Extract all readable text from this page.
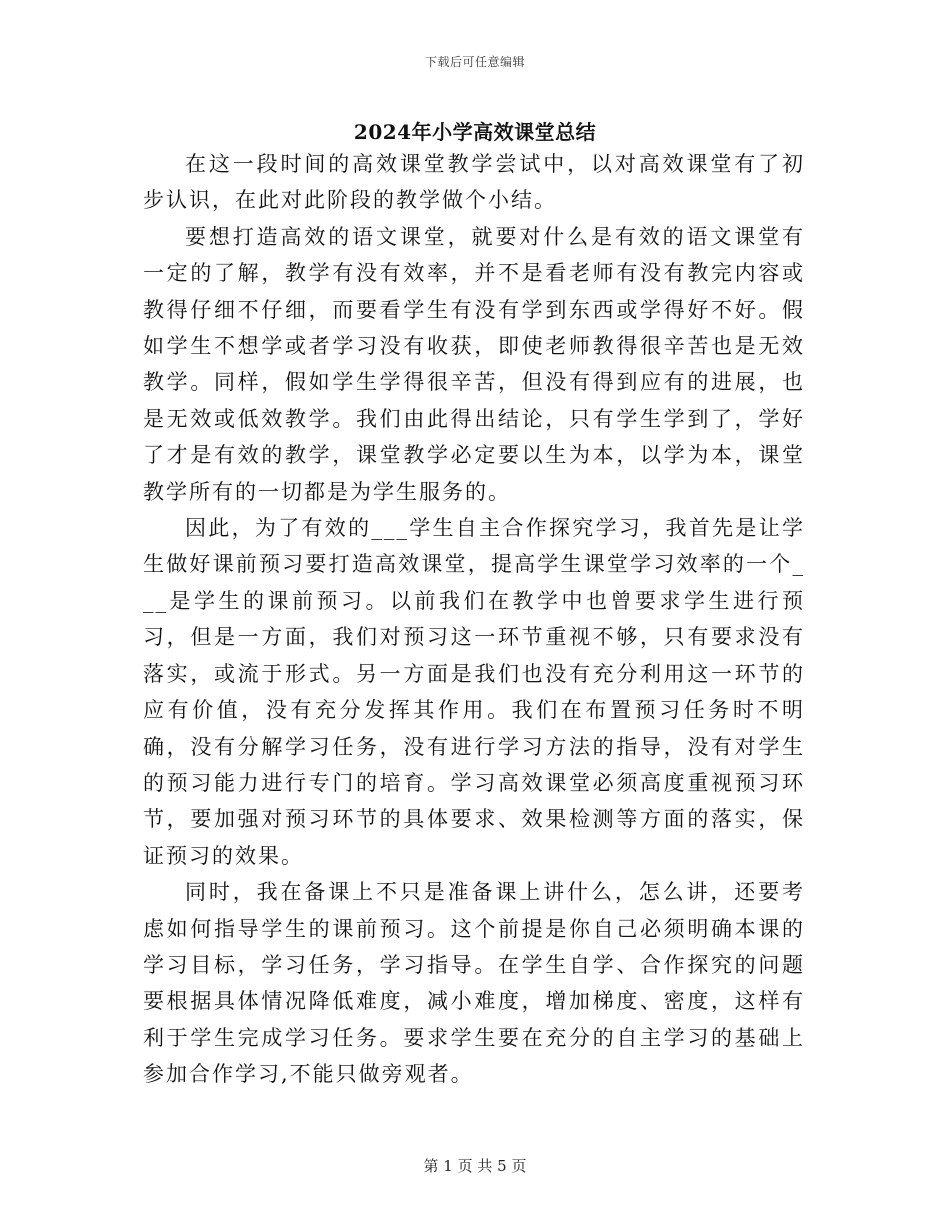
下载后可任意编辑
2024年小学高效课堂总结

在这一段时间的高效课堂教学尝试中，以对高效课堂有了初步认识，在此对此阶段的教学做个小结。

要想打造高效的语文课堂，就要对什么是有效的语文课堂有一定的了解，教学有没有效率，并不是看老师有没有教完内容或教得仔细不仔细，而要看学生有没有学到东西或学得好不好。假如学生不想学或者学习没有收获，即使老师教得很辛苦也是无效教学。同样，假如学生学得很辛苦，但没有得到应有的进展，也是无效或低效教学。我们由此得出结论，只有学生学到了，学好了才是有效的教学，课堂教学必定要以生为本，以学为本，课堂教学所有的一切都是为学生服务的。

因此，为了有效的___学生自主合作探究学习，我首先是让学生做好课前预习要打造高效课堂，提高学生课堂学习效率的一个___是学生的课前预习。以前我们在教学中也曾要求学生进行预习，但是一方面，我们对预习这一环节重视不够，只有要求没有落实，或流于形式。另一方面是我们也没有充分利用这一环节的应有价值，没有充分发挥其作用。我们在布置预习任务时不明确，没有分解学习任务，没有进行学习方法的指导，没有对学生的预习能力进行专门的培育。学习高效课堂必须高度重视预习环节，要加强对预习环节的具体要求、效果检测等方面的落实，保证预习的效果。

同时，我在备课上不只是准备课上讲什么，怎么讲，还要考虑如何指导学生的课前预习。这个前提是你自己必须明确本课的学习目标，学习任务，学习指导。在学生自学、合作探究的问题要根据具体情况降低难度，减小难度，增加梯度、密度，这样有利于学生完成学习任务。要求学生要在充分的自主学习的基础上参加合作学习,不能只做旁观者。

第 1 页 共 5 页
